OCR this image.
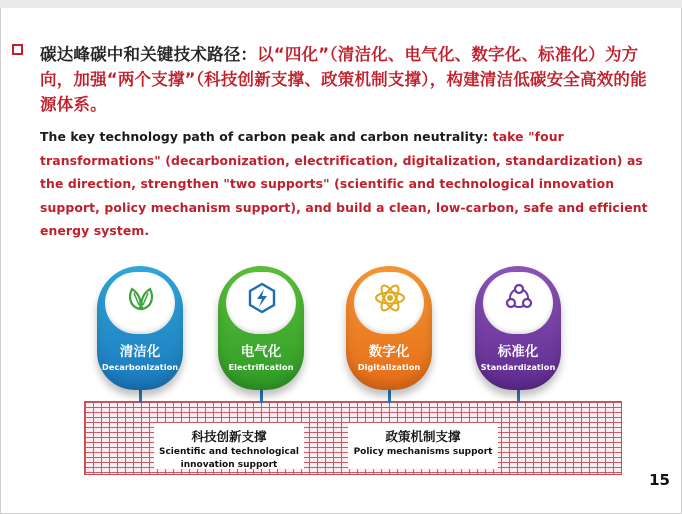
碳达峰碳中和关键技术路径：以“四化”（清洁化、电气化、数字化、标准化）为方向，加强“两个支撑”（科技创新支撑、政策机制支撑），构建清洁低碳安全高效的能源体系。
The key technology path of carbon peak and carbon neutrality: take "four transformations" (decarbonization, electrification, digitalization, standardization) as the direction, strengthen "two supports" (scientific and technological innovation support, policy mechanism support), and build a clean, low-carbon, safe and efficient energy system.
清洁化
Decarbonization
电气化
Electrification
数字化
Digitalization
标准化
Standardization
科技创新支撑
Scientific and technological
innovation support
政策机制支撑
Policy mechanisms support
15
